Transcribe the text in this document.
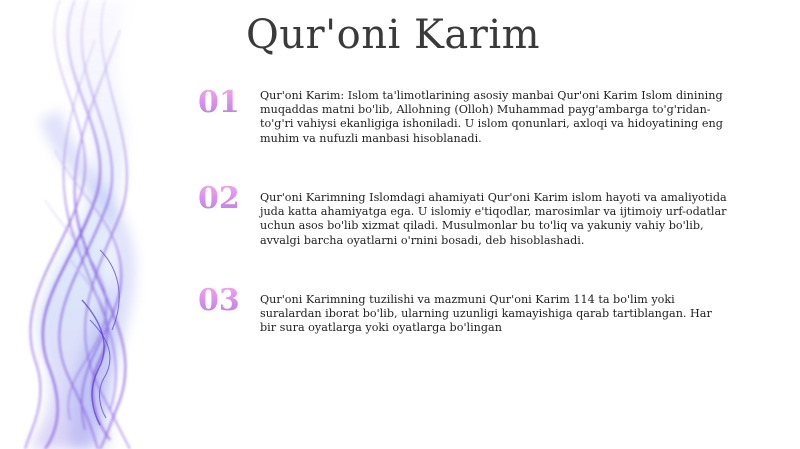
Qur'oni Karim
01 Qur'oni Karim: Islom ta'limotlarining asosiy manbai Qur'oni Karim Islom dinining muqaddas matni bo'lib, Allohning (Olloh) Muhammad payg'ambarga to'g'ridan-to'g'ri vahiysi ekanligiga ishoniladi. U islom qonunlari, axloqi va hidoyatining eng muhim va nufuzli manbasi hisoblanadi.
02 Qur'oni Karimning Islomdagi ahamiyati Qur'oni Karim islom hayoti va amaliyotida juda katta ahamiyatga ega. U islomiy e'tiqodlar, marosimlar va ijtimoiy urf-odatlar uchun asos bo'lib xizmat qiladi. Musulmonlar bu to'liq va yakuniy vahiy bo'lib, avvalgi barcha oyatlarni o'rnini bosadi, deb hisoblashadi.
03 Qur'oni Karimning tuzilishi va mazmuni Qur'oni Karim 114 ta bo'lim yoki suralardan iborat bo'lib, ularning uzunligi kamayishiga qarab tartiblangan. Har bir sura oyatlarga yoki oyatlarga bo'lingan
